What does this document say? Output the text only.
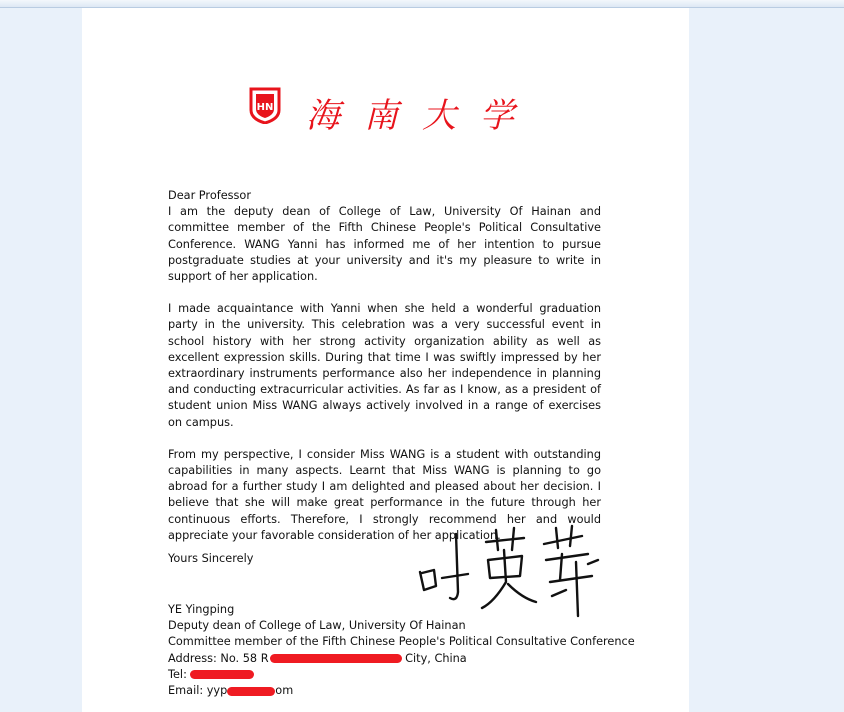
HN 海南大学

Dear Professor

I am the deputy dean of College of Law, University Of Hainan and committee member of the Fifth Chinese People's Political Consultative Conference. WANG Yanni has informed me of her intention to pursue postgraduate studies at your university and it's my pleasure to write in support of her application.

I made acquaintance with Yanni when she held a wonderful graduation party in the university. This celebration was a very successful event in school history with her strong activity organization ability as well as excellent expression skills. During that time I was swiftly impressed by her extraordinary instruments performance also her independence in planning and conducting extracurricular activities. As far as I know, as a president of student union Miss WANG always actively involved in a range of exercises on campus.

From my perspective, I consider Miss WANG is a student with outstanding capabilities in many aspects. Learnt that Miss WANG is planning to go abroad for a further study I am delighted and pleased about her decision. I believe that she will make great performance in the future through her continuous efforts. Therefore, I strongly recommend her and would appreciate your favorable consideration of her application.

Yours Sincerely
YE Yingping
Deputy dean of College of Law, University Of Hainan
Committee member of the Fifth Chinese People's Political Consultative Conference
Address: No. 58 R	City, China
Tel:
Email: yyp	om
